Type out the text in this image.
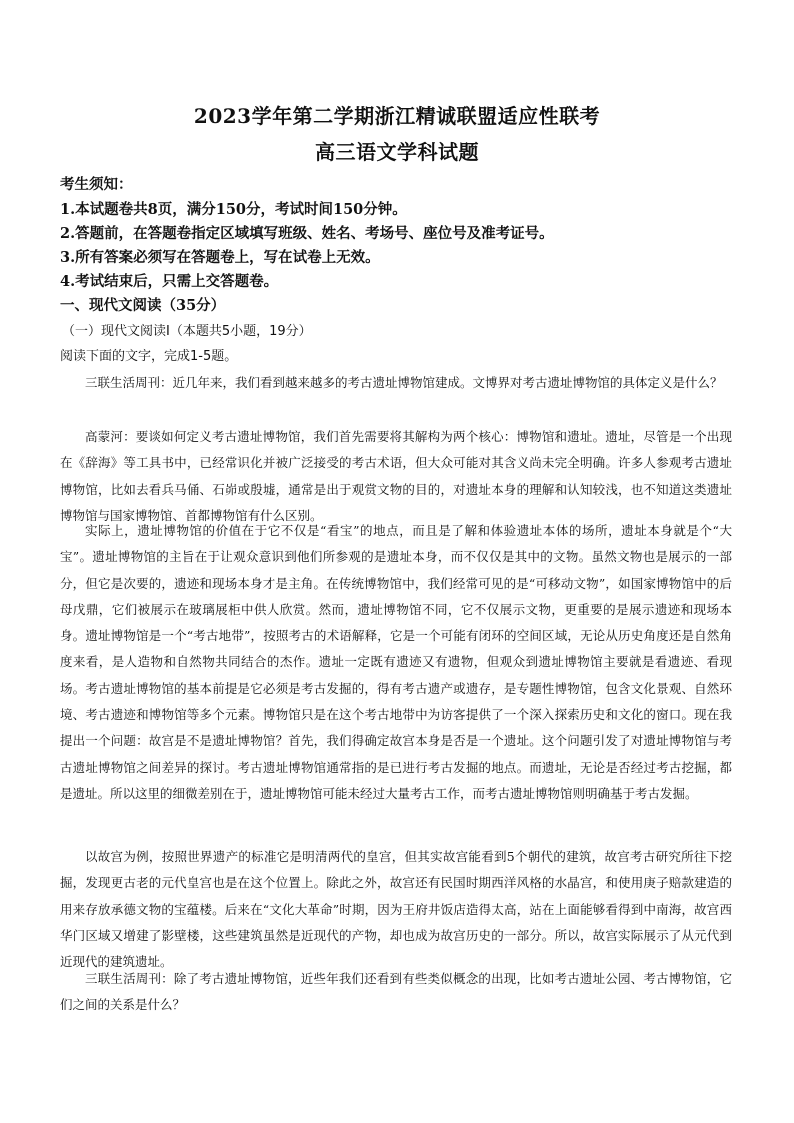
2023学年第二学期浙江精诚联盟适应性联考
高三语文学科试题
考生须知：
1.本试题卷共8页，满分150分，考试时间150分钟。
2.答题前，在答题卷指定区域填写班级、姓名、考场号、座位号及准考证号。
3.所有答案必须写在答题卷上，写在试卷上无效。
4.考试结束后，只需上交答题卷。
一、现代文阅读（35分）
（一）现代文阅读Ⅰ（本题共5小题，19分）
阅读下面的文字，完成1-5题。

三联生活周刊：近几年来，我们看到越来越多的考古遗址博物馆建成。文博界对考古遗址博物馆的具体定义是什么？

高蒙河：要谈如何定义考古遗址博物馆，我们首先需要将其解构为两个核心：博物馆和遗址。遗址，尽管是一个出现在《辞海》等工具书中，已经常识化并被广泛接受的考古术语，但大众可能对其含义尚未完全明确。许多人参观考古遗址博物馆，比如去看兵马俑、石峁或殷墟，通常是出于观赏文物的目的，对遗址本身的理解和认知较浅，也不知道这类遗址博物馆与国家博物馆、首都博物馆有什么区别。

实际上，遗址博物馆的价值在于它不仅是“看宝”的地点，而且是了解和体验遗址本体的场所，遗址本身就是个“大宝”。遗址博物馆的主旨在于让观众意识到他们所参观的是遗址本身，而不仅仅是其中的文物。虽然文物也是展示的一部分，但它是次要的，遗迹和现场本身才是主角。在传统博物馆中，我们经常可见的是“可移动文物”，如国家博物馆中的后母戊鼎，它们被展示在玻璃展柜中供人欣赏。然而，遗址博物馆不同，它不仅展示文物，更重要的是展示遗迹和现场本身。遗址博物馆是一个“考古地带”，按照考古的术语解释，它是一个可能有闭环的空间区域，无论从历史角度还是自然角度来看，是人造物和自然物共同结合的杰作。遗址一定既有遗迹又有遗物，但观众到遗址博物馆主要就是看遗迹、看现场。考古遗址博物馆的基本前提是它必须是考古发掘的，得有考古遗产或遗存，是专题性博物馆，包含文化景观、自然环境、考古遗迹和博物馆等多个元素。博物馆只是在这个考古地带中为访客提供了一个深入探索历史和文化的窗口。现在我提出一个问题：故宫是不是遗址博物馆？首先，我们得确定故宫本身是否是一个遗址。这个问题引发了对遗址博物馆与考古遗址博物馆之间差异的探讨。考古遗址博物馆通常指的是已进行考古发掘的地点。而遗址，无论是否经过考古挖掘，都是遗址。所以这里的细微差别在于，遗址博物馆可能未经过大量考古工作，而考古遗址博物馆则明确基于考古发掘。

以故宫为例，按照世界遗产的标准它是明清两代的皇宫，但其实故宫能看到5个朝代的建筑，故宫考古研究所往下挖掘，发现更古老的元代皇宫也是在这个位置上。除此之外，故宫还有民国时期西洋风格的水晶宫，和使用庚子赔款建造的用来存放承德文物的宝蕴楼。后来在“文化大革命”时期，因为王府井饭店造得太高，站在上面能够看得到中南海，故宫西华门区域又增建了影壁楼，这些建筑虽然是近现代的产物，却也成为故宫历史的一部分。所以，故宫实际展示了从元代到近现代的建筑遗址。

三联生活周刊：除了考古遗址博物馆，近些年我们还看到有些类似概念的出现，比如考古遗址公园、考古博物馆，它们之间的关系是什么？
